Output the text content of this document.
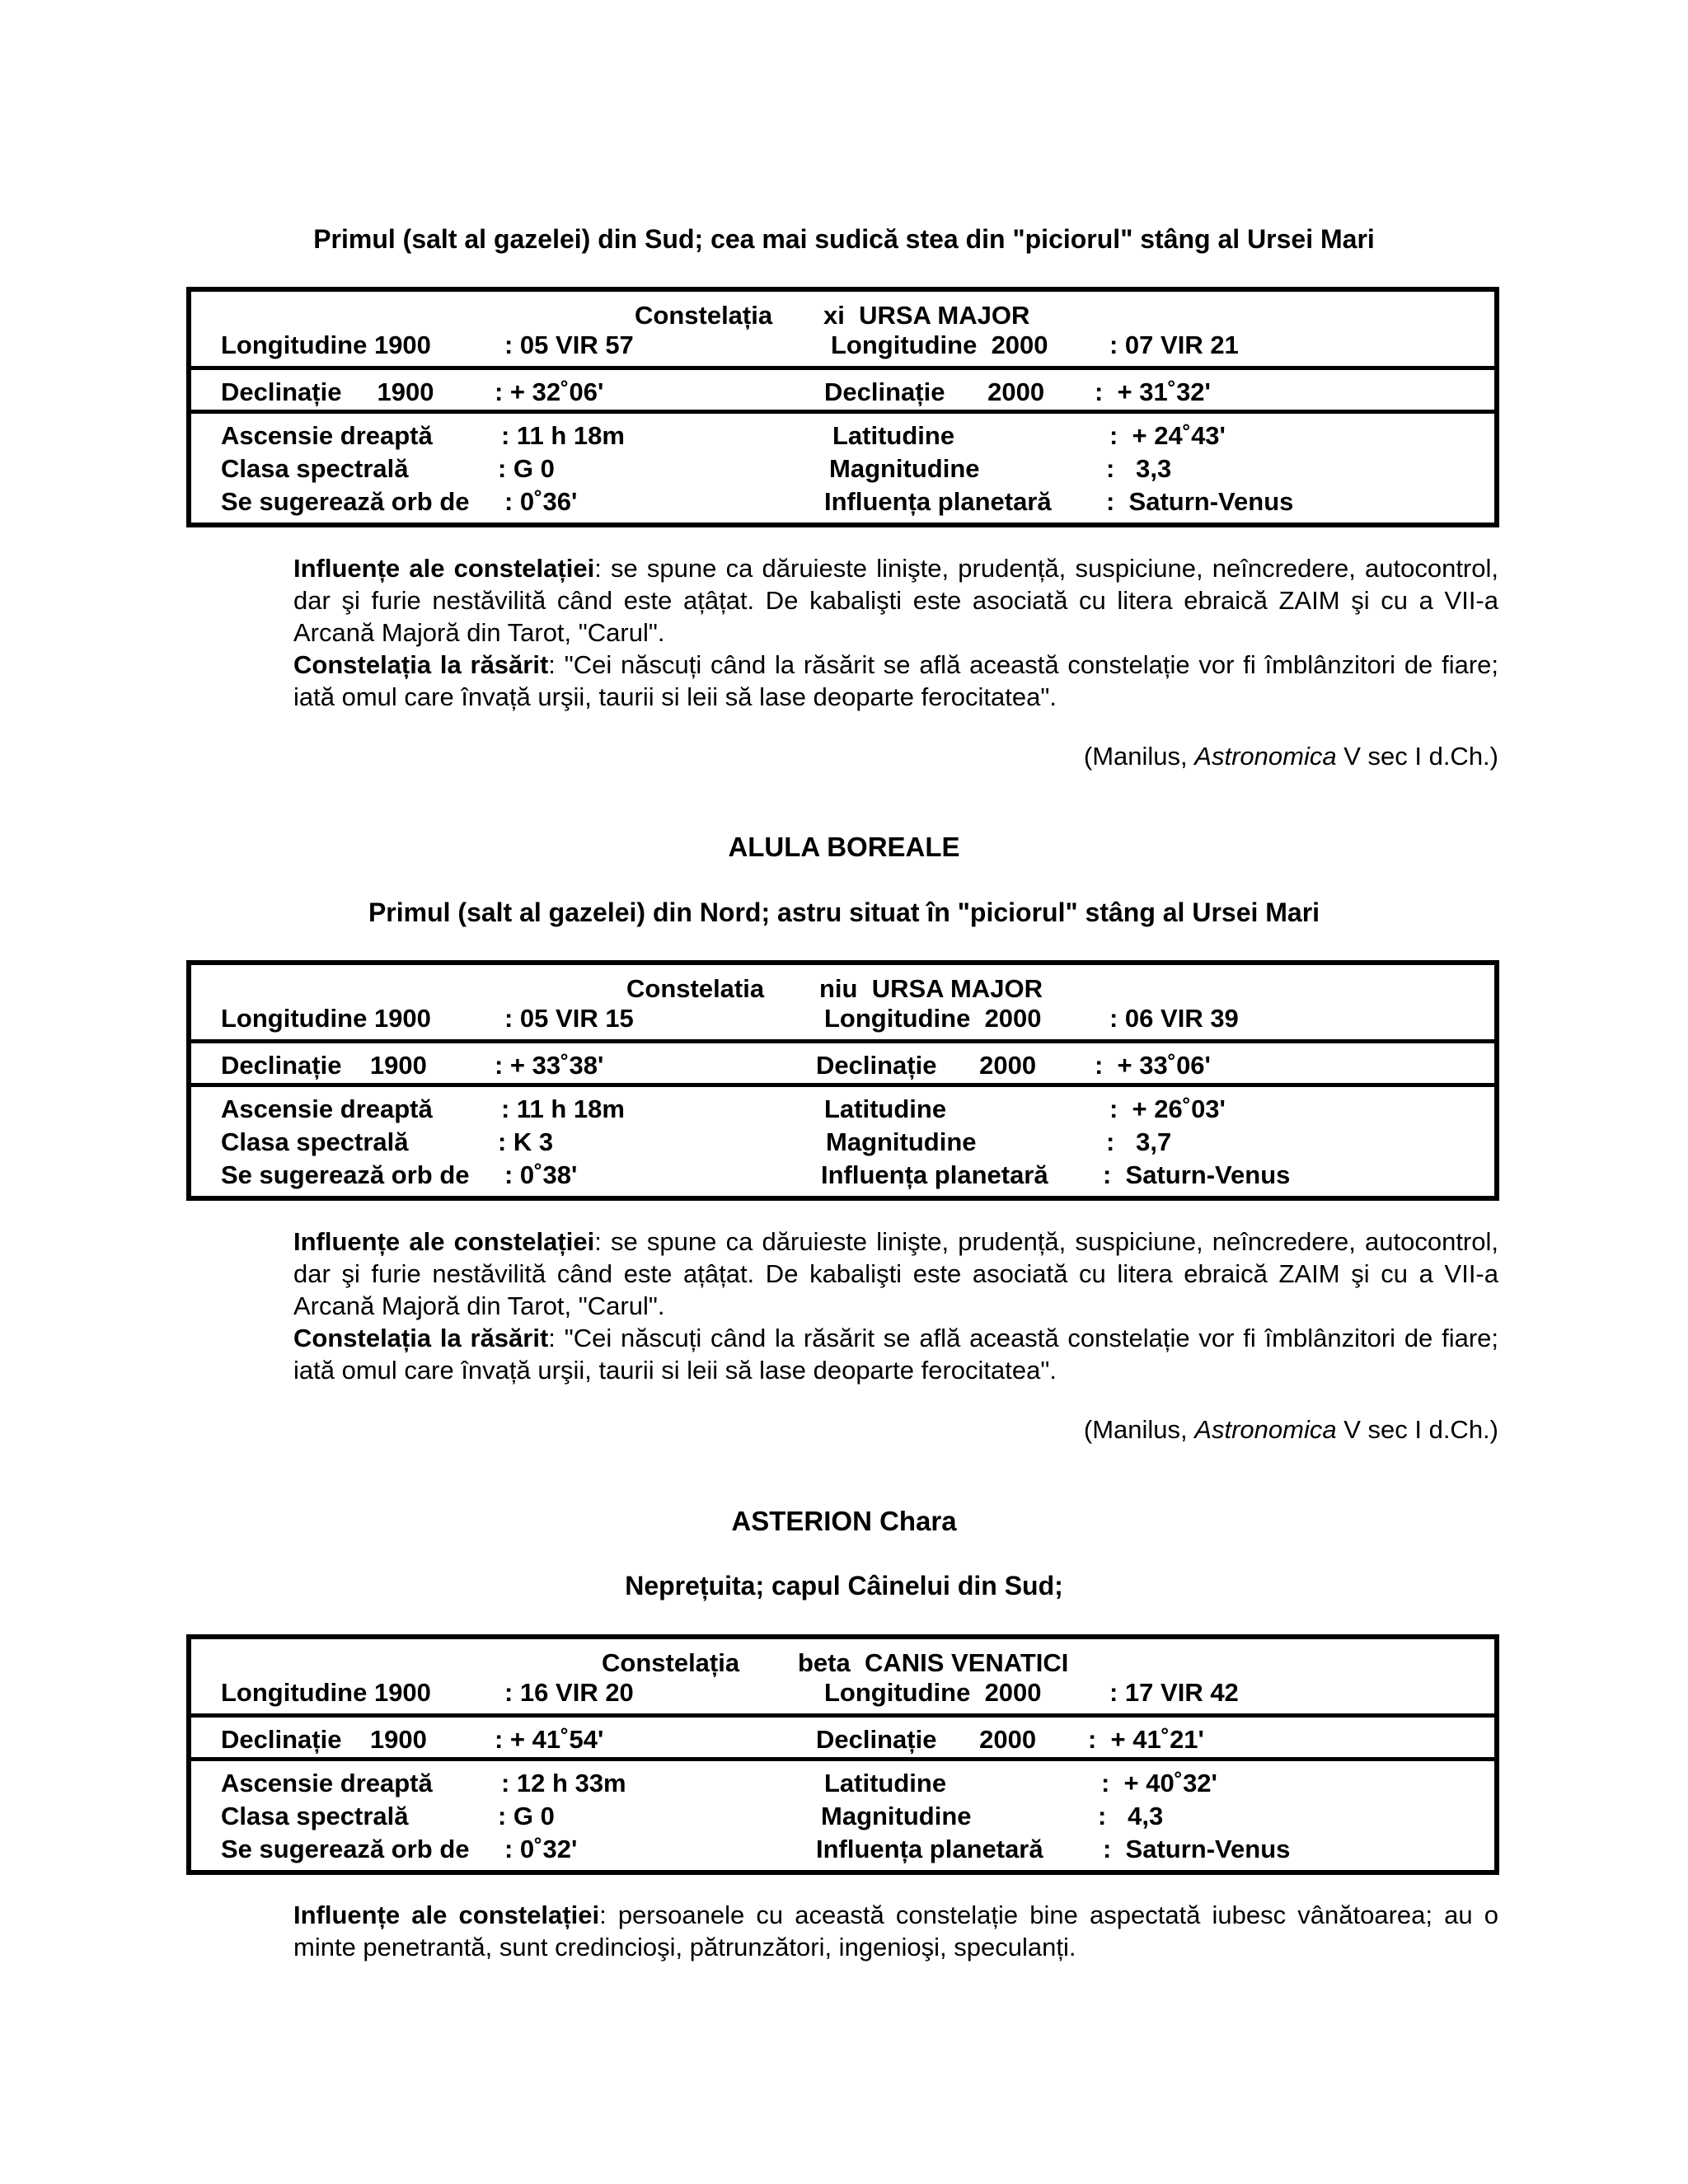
Primul (salt al gazelei) din Sud; cea mai sudică stea din "piciorul" stâng al Ursei Mari
Constelația xi  URSA MAJOR
Longitudine 1900	: 05 VIR 57	Longitudine  2000 : 07 VIR 21
Declinație     1900 : + 32˚06ʹ	Declinație      2000 :  + 31˚32ʹ
Ascensie dreaptă	: 11 h 18m	Latitudine	:  + 24˚43ʹ
Clasa spectrală	: G 0	Magnitudine	:   3,3
Se sugerează orb de : 0˚36ʹ	Influența planetară :  Saturn-Venus
Influențe ale constelației: se spune ca dăruieste linişte, prudență, suspiciune, neîncredere, autocontrol, dar şi furie nestăvilită când este ațâțat. De kabalişti este asociată cu litera ebraică ZAIM şi cu a VII-a Arcană Majoră din Tarot, "Carul".
Constelația la răsărit: "Cei născuți când la răsărit se află această constelație vor fi îmblânzitori de fiare; iată omul care învață urşii, taurii si leii să lase deoparte ferocitatea".
(Manilus, Astronomica V sec I d.Ch.)
ALULA BOREALE
Primul (salt al gazelei) din Nord; astru situat în "piciorul" stâng al Ursei Mari
Constelatia niu  URSA MAJOR
Longitudine 1900	: 05 VIR 15	Longitudine  2000	: 06 VIR 39
Declinație    1900	: + 33˚38ʹ	Declinație      2000 :  + 33˚06ʹ
Ascensie dreaptă	: 11 h 18m	Latitudine	:  + 26˚03ʹ
Clasa spectrală	: K 3	Magnitudine	:   3,7
Se sugerează orb de : 0˚38ʹ	Influența planetară :  Saturn-Venus
Influențe ale constelației: se spune ca dăruieste linişte, prudență, suspiciune, neîncredere, autocontrol, dar şi furie nestăvilită când este ațâțat. De kabalişti este asociată cu litera ebraică ZAIM şi cu a VII-a Arcană Majoră din Tarot, "Carul".
Constelația la răsărit: "Cei născuți când la răsărit se află această constelație vor fi îmblânzitori de fiare; iată omul care învață urşii, taurii si leii să lase deoparte ferocitatea".
(Manilus, Astronomica V sec I d.Ch.)
ASTERION Chara
Neprețuita; capul Câinelui din Sud;
Constelația beta  CANIS VENATICI
Longitudine 1900	: 16 VIR 20	Longitudine  2000	: 17 VIR 42
Declinație    1900	: + 41˚54ʹ	Declinație      2000 :  + 41˚21ʹ
Ascensie dreaptă	: 12 h 33m	Latitudine	:  + 40˚32ʹ
Clasa spectrală	: G 0	Magnitudine	:   4,3
Se sugerează orb de : 0˚32ʹ	Influența planetară :  Saturn-Venus
Influențe ale constelației: persoanele cu această constelație bine aspectată iubesc vânătoarea; au o minte penetrantă, sunt credincioşi, pătrunzători, ingenioşi, speculanți.
